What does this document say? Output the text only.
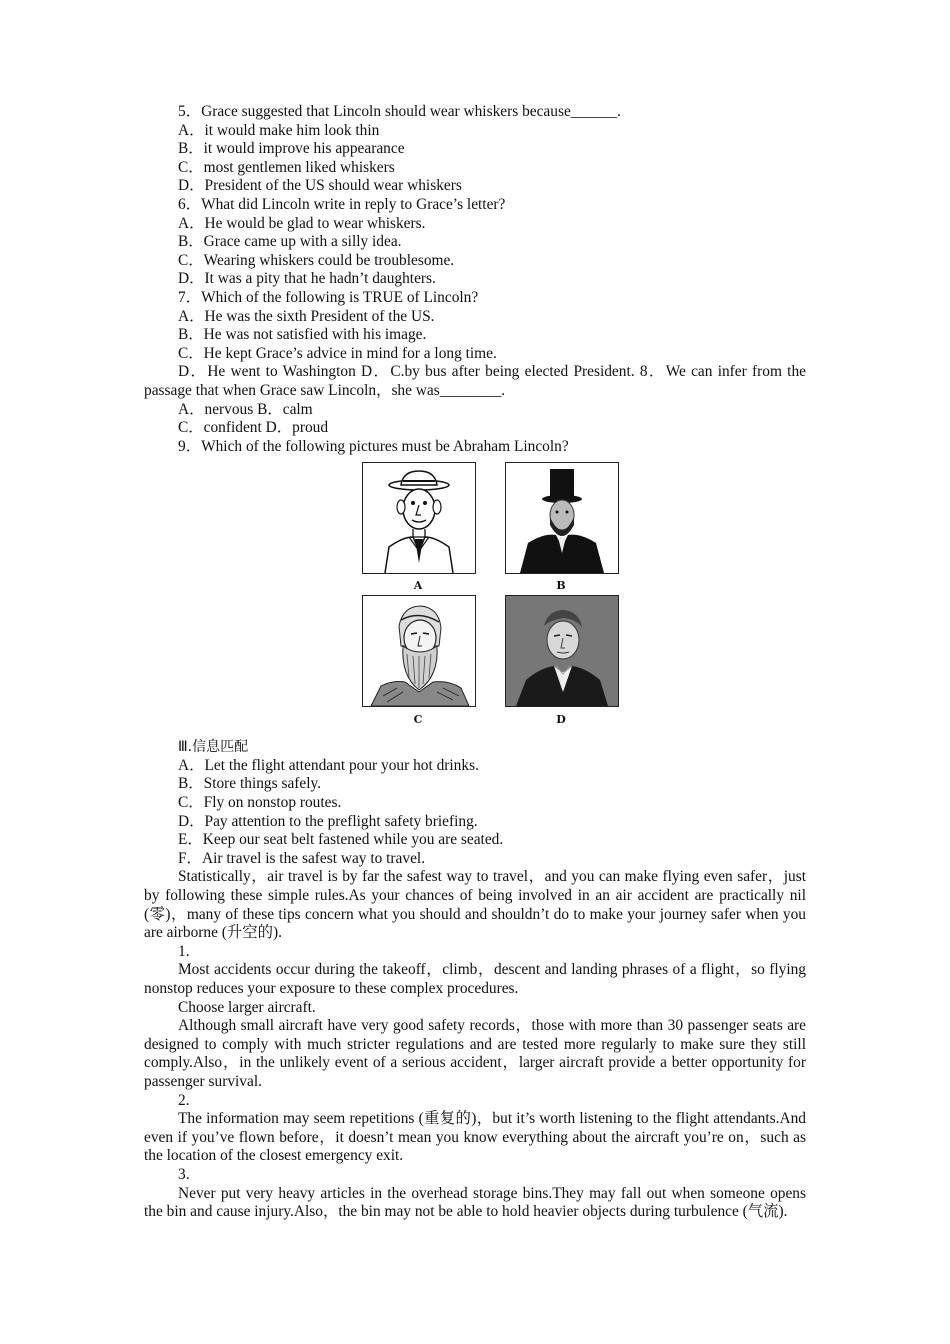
5．Grace suggested that Lincoln should wear whiskers because______.
A．it would make him look thin
B．it would improve his appearance
C．most gentlemen liked whiskers
D．President of the US should wear whiskers
6．What did Lincoln write in reply to Grace’s letter?
A．He would be glad to wear whiskers.
B．Grace came up with a silly idea.
C．Wearing whiskers could be troublesome.
D．It was a pity that he hadn’t daughters.
7．Which of the following is TRUE of Lincoln?
A．He was the sixth President of the US.
B．He was not satisfied with his image.
C．He kept Grace’s advice in mind for a long time.
D．He went to Washington D．C.by bus after being elected President. 8．We can infer from the passage that when Grace saw Lincoln，she was________.
A．nervous B．calm
C．confident D．proud
9．Which of the following pictures must be Abraham Lincoln?
A	B
C	D
Ⅲ.信息匹配
A．Let the flight attendant pour your hot drinks.
B．Store things safely.
C．Fly on nonstop routes.
D．Pay attention to the preflight safety briefing.
E．Keep our seat belt fastened while you are seated.
F．Air travel is the safest way to travel.
Statistically，air travel is by far the safest way to travel，and you can make flying even safer，just by following these simple rules.As your chances of being involved in an air accident are practically nil (零)，many of these tips concern what you should and shouldn’t do to make your journey safer when you are airborne (升空的).
1.
Most accidents occur during the takeoff，climb，descent and landing phrases of a flight，so flying nonstop reduces your exposure to these complex procedures.
Choose larger aircraft.
Although small aircraft have very good safety records，those with more than 30 passenger seats are designed to comply with much stricter regulations and are tested more regularly to make sure they still comply.Also，in the unlikely event of a serious accident，larger aircraft provide a better opportunity for passenger survival.
2.
The information may seem repetitions (重复的)，but it’s worth listening to the flight attendants.And even if you’ve flown before，it doesn’t mean you know everything about the aircraft you’re on，such as the location of the closest emergency exit.
3.
Never put very heavy articles in the overhead storage bins.They may fall out when someone opens the bin and cause injury.Also，the bin may not be able to hold heavier objects during turbulence (气流).
